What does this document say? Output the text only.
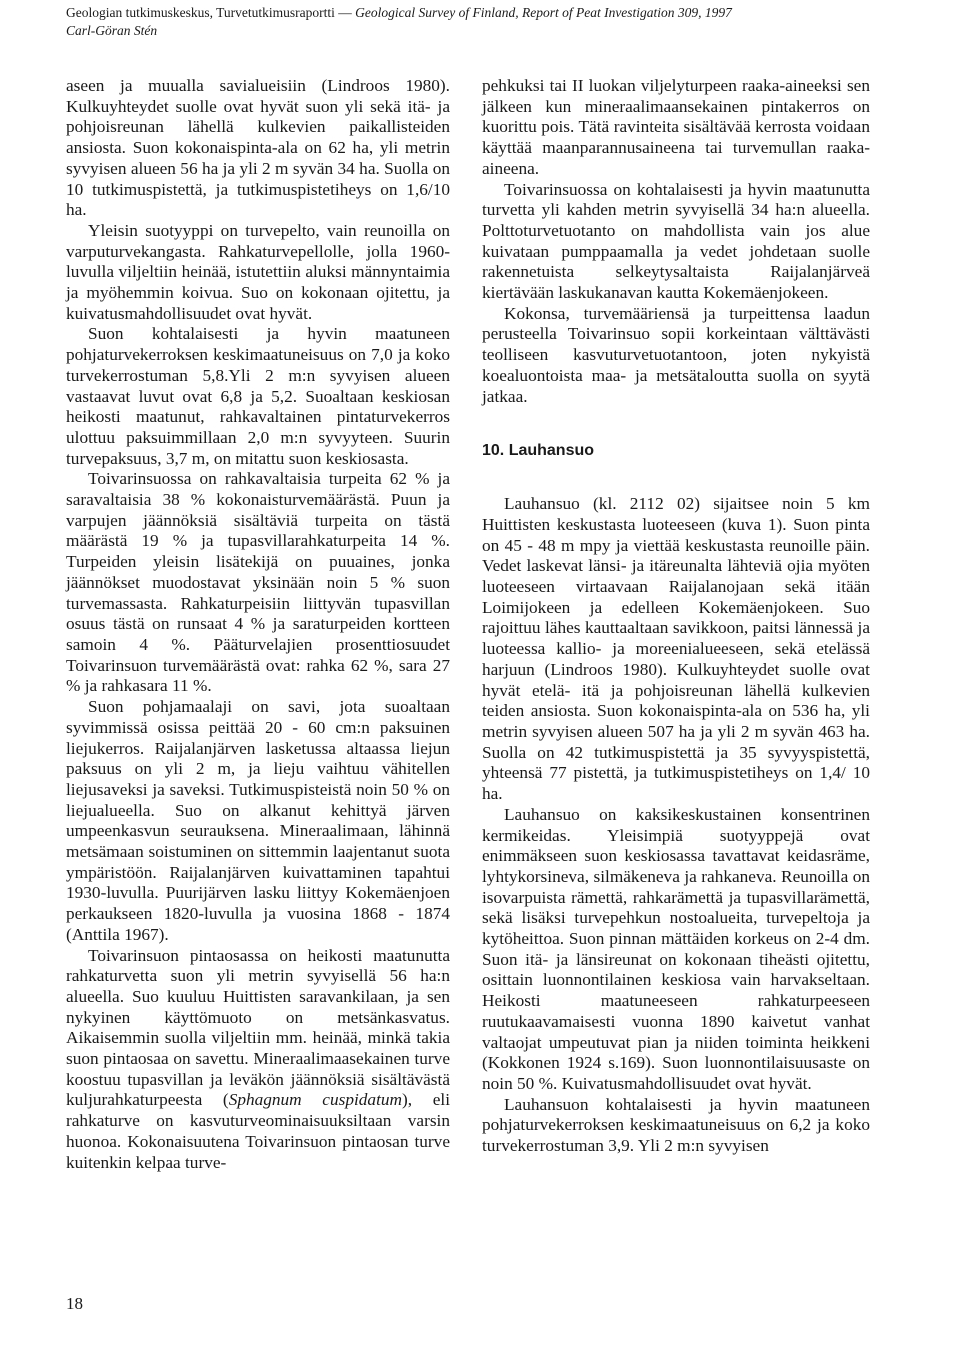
Geologian tutkimuskeskus, Turvetutkimusraportti — Geological Survey of Finland, Report of Peat Investigation 309, 1997
Carl-Göran Stén

aseen ja muualla savialueisiin (Lindroos 1980). Kulkuyhteydet suolle ovat hyvät suon yli sekä itä- ja pohjoisreunan lähellä kulkevien paikallisteiden ansiosta. Suon kokonaispinta-ala on 62 ha, yli metrin syvyisen alueen 56 ha ja yli 2 m syvän 34 ha. Suolla on 10 tutkimuspistettä, ja tutkimuspistetiheys on 1,6/10 ha.

Yleisin suotyyppi on turvepelto, vain reunoilla on varputurvekangasta. Rahkaturvepellolle, jolla 1960-luvulla viljeltiin heinää, istutettiin aluksi männyntaimia ja myöhemmin koivua. Suo on kokonaan ojitettu, ja kuivatusmahdollisuudet ovat hyvät.

Suon kohtalaisesti ja hyvin maatuneen pohjaturvekerroksen keskimaatuneisuus on 7,0 ja koko turvekerrostuman 5,8.Yli 2 m:n syvyisen alueen vastaavat luvut ovat 6,8 ja 5,2. Suoaltaan keskiosan heikosti maatunut, rahkavaltainen pintaturvekerros ulottuu paksuimmillaan 2,0 m:n syvyyteen. Suurin turvepaksuus, 3,7 m, on mitattu suon keskiosasta.

Toivarinsuossa on rahkavaltaisia turpeita 62 % ja saravaltaisia 38 % kokonaisturvemäärästä. Puun ja varpujen jäännöksiä sisältäviä turpeita on tästä määrästä 19 % ja tupasvillarahkaturpeita 14 %. Turpeiden yleisin lisätekijä on puuaines, jonka jäännökset muodostavat yksinään noin 5 % suon turvemassasta. Rahkaturpeisiin liittyvän tupasvillan osuus tästä on runsaat 4 % ja saraturpeiden kortteen samoin 4 %. Pääturvelajien prosenttiosuudet Toivarinsuon turvemäärästä ovat: rahka 62 %, sara 27 % ja rahkasara 11 %.

Suon pohjamaalaji on savi, jota suoaltaan syvimmissä osissa peittää 20 - 60 cm:n paksuinen liejukerros. Raijalanjärven lasketussa altaassa liejun paksuus on yli 2 m, ja lieju vaihtuu vähitellen liejusaveksi ja saveksi. Tutkimuspisteistä noin 50 % on liejualueella. Suo on alkanut kehittyä järven umpeenkasvun seurauksena. Mineraalimaan, lähinnä metsämaan soistuminen on sittemmin laajentanut suota ympäristöön. Raijalanjärven kuivattaminen tapahtui 1930-luvulla. Puurijärven lasku liittyy Kokemäenjoen perkaukseen 1820-luvulla ja vuosina 1868 - 1874 (Anttila 1967).

Toivarinsuon pintaosassa on heikosti maatunutta rahkaturvetta suon yli metrin syvyisellä 56 ha:n alueella. Suo kuuluu Huittisten saravankilaan, ja sen nykyinen käyttömuoto on metsänkasvatus. Aikaisemmin suolla viljeltiin mm. heinää, minkä takia suon pintaosaa on savettu. Mineraalimaasekainen turve koostuu tupasvillan ja leväkön jäännöksiä sisältävästä kuljurahkaturpeesta (Sphagnum cuspidatum), eli rahkaturve on kasvuturveominaisuuksiltaan varsin huonoa. Kokonaisuutena Toivarinsuon pintaosan turve kuitenkin kelpaa turve-

pehkuksi tai II luokan viljelyturpeen raaka-aineeksi sen jälkeen kun mineraalimaansekainen pintakerros on kuorittu pois. Tätä ravinteita sisältävää kerrosta voidaan käyttää maanparannusaineena tai turvemullan raaka-aineena.

Toivarinsuossa on kohtalaisesti ja hyvin maatunutta turvetta yli kahden metrin syvyisellä 34 ha:n alueella. Polttoturvetuotanto on mahdollista vain jos alue kuivataan pumppaamalla ja vedet johdetaan suolle rakennetuista selkeytysaltaista Raijalanjärveä kiertävään laskukanavan kautta Kokemäenjokeen.

Kokonsa, turvemääriensä ja turpeittensa laadun perusteella Toivarinsuo sopii korkeintaan välttävästi teolliseen kasvuturvetuotantoon, joten nykyistä koealuontoista maa- ja metsätaloutta suolla on syytä jatkaa.

10. Lauhansuo

Lauhansuo (kl. 2112 02) sijaitsee noin 5 km Huittisten keskustasta luoteeseen (kuva 1). Suon pinta on 45 - 48 m mpy ja viettää keskustasta reunoille päin. Vedet laskevat länsi- ja itäreunalta lähteviä ojia myöten luoteeseen virtaavaan Raijalanojaan sekä itään Loimijokeen ja edelleen Kokemäenjokeen. Suo rajoittuu lähes kauttaaltaan savikkoon, paitsi lännessä ja luoteessa kallio- ja moreenialueeseen, sekä etelässä harjuun (Lindroos 1980). Kulkuyhteydet suolle ovat hyvät etelä- itä ja pohjoisreunan lähellä kulkevien teiden ansiosta. Suon kokonaispinta-ala on 536 ha, yli metrin syvyisen alueen 507 ha ja yli 2 m syvän 463 ha. Suolla on 42 tutkimuspistettä ja 35 syvyyspistettä, yhteensä 77 pistettä, ja tutkimuspistetiheys on 1,4/ 10 ha.

Lauhansuo on kaksikeskustainen konsentrinen kermikeidas. Yleisimpiä suotyyppejä ovat enimmäkseen suon keskiosassa tavattavat keidasräme, lyhtykorsineva, silmäkeneva ja rahkaneva. Reunoilla on isovarpuista rämettä, rahkarämettä ja tupasvillarämettä, sekä lisäksi turvepehkun nostoalueita, turvepeltoja ja kytöheittoa. Suon pinnan mättäiden korkeus on 2-4 dm. Suon itä- ja länsireunat on kokonaan tiheästi ojitettu, osittain luonnontilainen keskiosa vain harvakseltaan. Heikosti maatuneeseen rahkaturpeeseen ruutukaavamaisesti vuonna 1890 kaivetut vanhat valtaojat umpeutuvat pian ja niiden toiminta heikkeni (Kokkonen 1924 s.169). Suon luonnontilaisuusaste on noin 50 %. Kuivatusmahdollisuudet ovat hyvät.

Lauhansuon kohtalaisesti ja hyvin maatuneen pohjaturvekerroksen keskimaatuneisuus on 6,2 ja koko turvekerrostuman 3,9. Yli 2 m:n syvyisen

18
